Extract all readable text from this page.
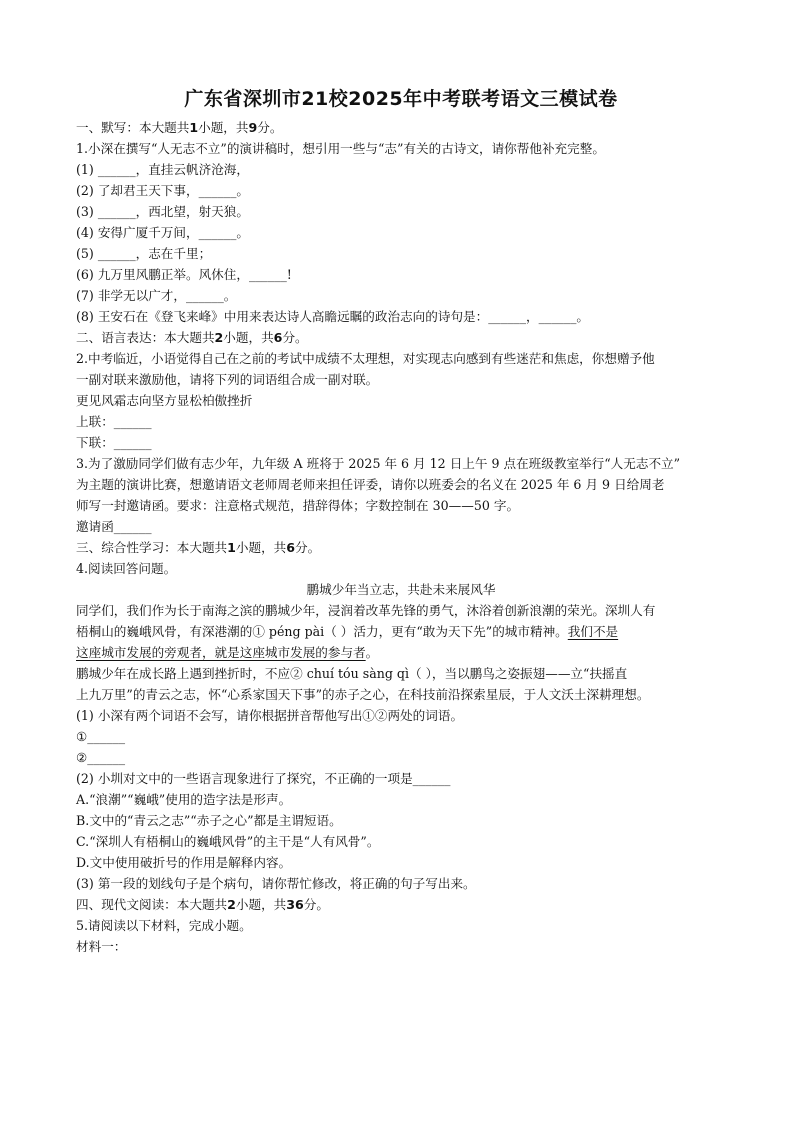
广东省深圳市21校2025年中考联考语文三模试卷
一、默写：本大题共1小题，共9分。
1.小深在撰写“人无志不立”的演讲稿时，想引用一些与“志”有关的古诗文，请你帮他补充完整。
(1) ______，直挂云帆济沧海，
(2) 了却君王天下事，______。
(3) ______，西北望，射天狼。
(4) 安得广厦千万间，______。
(5) ______，志在千里；
(6) 九万里风鹏正举。风休住，______!
(7) 非学无以广才，______。
(8) 王安石在《登飞来峰》中用来表达诗人高瞻远瞩的政治志向的诗句是：______，______。
二、语言表达：本大题共2小题，共6分。
2.中考临近，小语觉得自己在之前的考试中成绩不太理想，对实现志向感到有些迷茫和焦虑，你想赠予他
一副对联来激励他，请将下列的词语组合成一副对联。
更见风霜志向坚方显松柏傲挫折
上联：______
下联：______
3.为了激励同学们做有志少年，九年级 A 班将于 2025 年 6 月 12 日上午 9 点在班级教室举行“人无志不立”
为主题的演讲比赛，想邀请语文老师周老师来担任评委，请你以班委会的名义在 2025 年 6 月 9 日给周老
师写一封邀请函。要求：注意格式规范，措辞得体；字数控制在 30——50 字。
邀请函______
三、综合性学习：本大题共1小题，共6分。
4.阅读回答问题。
鹏城少年当立志，共赴未来展风华
同学们，我们作为长于南海之滨的鹏城少年，浸润着改革先锋的勇气，沐浴着创新浪潮的荣光。深圳人有
梧桐山的巍峨风骨，有深港潮的① péng pài（ ）活力，更有“敢为天下先”的城市精神。我们不是
这座城市发展的旁观者，就是这座城市发展的参与者。
鹏城少年在成长路上遇到挫折时，不应② chuí tóu sàng qì（ ），当以鹏鸟之姿振翅——立“扶摇直
上九万里”的青云之志，怀“心系家国天下事”的赤子之心，在科技前沿探索星辰，于人文沃土深耕理想。
(1) 小深有两个词语不会写，请你根据拼音帮他写出①②两处的词语。
①______
②______
(2) 小圳对文中的一些语言现象进行了探究，不正确的一项是______
A.“浪潮”“巍峨”使用的造字法是形声。
B.文中的“青云之志”“赤子之心”都是主谓短语。
C.“深圳人有梧桐山的巍峨风骨”的主干是“人有风骨”。
D.文中使用破折号的作用是解释内容。
(3) 第一段的划线句子是个病句，请你帮忙修改，将正确的句子写出来。
四、现代文阅读：本大题共2小题，共36分。
5.请阅读以下材料，完成小题。
材料一：
